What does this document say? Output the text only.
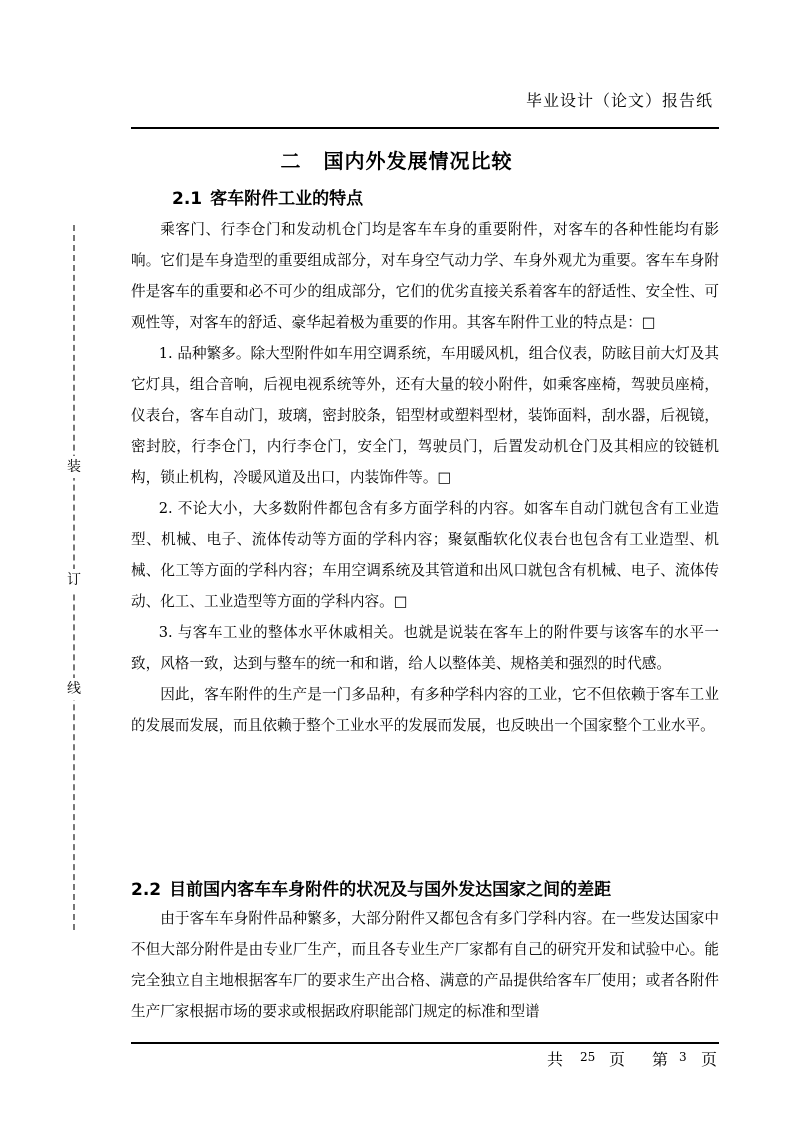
毕业设计（论文）报告纸
装
订
线
二 国内外发展情况比较
2.1 客车附件工业的特点

乘客门、行李仓门和发动机仓门均是客车车身的重要附件，对客车的各种性能均有影响。它们是车身造型的重要组成部分，对车身空气动力学、车身外观尤为重要。客车车身附件是客车的重要和必不可少的组成部分，它们的优劣直接关系着客车的舒适性、安全性、可观性等，对客车的舒适、豪华起着极为重要的作用。其客车附件工业的特点是：□

1. 品种繁多。除大型附件如车用空调系统，车用暖风机，组合仪表，防眩目前大灯及其它灯具，组合音响，后视电视系统等外，还有大量的较小附件，如乘客座椅，驾驶员座椅，仪表台，客车自动门，玻璃，密封胶条，铝型材或塑料型材，装饰面料，刮水器，后视镜，密封胶，行李仓门，内行李仓门，安全门，驾驶员门，后置发动机仓门及其相应的铰链机构，锁止机构，冷暖风道及出口，内装饰件等。□

2. 不论大小，大多数附件都包含有多方面学科的内容。如客车自动门就包含有工业造型、机械、电子、流体传动等方面的学科内容；聚氨酯软化仪表台也包含有工业造型、机械、化工等方面的学科内容；车用空调系统及其管道和出风口就包含有机械、电子、流体传动、化工、工业造型等方面的学科内容。□

3. 与客车工业的整体水平休戚相关。也就是说装在客车上的附件要与该客车的水平一致，风格一致，达到与整车的统一和和谐，给人以整体美、规格美和强烈的时代感。

因此，客车附件的生产是一门多品种，有多种学科内容的工业，它不但依赖于客车工业的发展而发展，而且依赖于整个工业水平的发展而发展，也反映出一个国家整个工业水平。

2.2 目前国内客车车身附件的状况及与国外发达国家之间的差距

由于客车车身附件品种繁多，大部分附件又都包含有多门学科内容。在一些发达国家中不但大部分附件是由专业厂生产，而且各专业生产厂家都有自己的研究开发和试验中心。能完全独立自主地根据客车厂的要求生产出合格、满意的产品提供给客车厂使用；或者各附件生产厂家根据市场的要求或根据政府职能部门规定的标准和型谱

共 25 页 第 3 页
